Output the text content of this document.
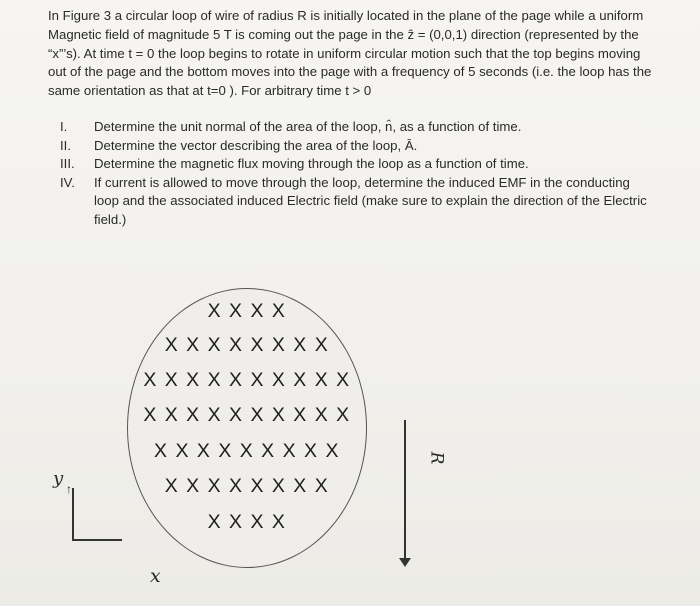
In Figure 3 a circular loop of wire of radius R is initially located in the plane of the page while a uniform
Magnetic field of magnitude 5 T is coming out the page in the ẑ = (0,0,1) direction (represented by the
“x”’s). At time t = 0 the loop begins to rotate in uniform circular motion such that the top begins moving
out of the page and the bottom moves into the page with a frequency of 5 seconds (i.e. the loop has the
same orientation as that at t=0 ). For arbitrary time t > 0
I.	Determine the unit normal of the area of the loop, n̂, as a function of time.
II.	Determine the vector describing the area of the loop, Ā.
III.	Determine the magnetic flux moving through the loop as a function of time.
IV.	If current is allowed to move through the loop, determine the induced EMF in the conducting
loop and the associated induced Electric field (make sure to explain the direction of the Electric
field.)
X X X X
X X X X X X X X
X X X X X X X X X X
X X X X X X X X X X
X X X X X X X X X
X X X X X X X X
X X X X
↑
y
x
R
